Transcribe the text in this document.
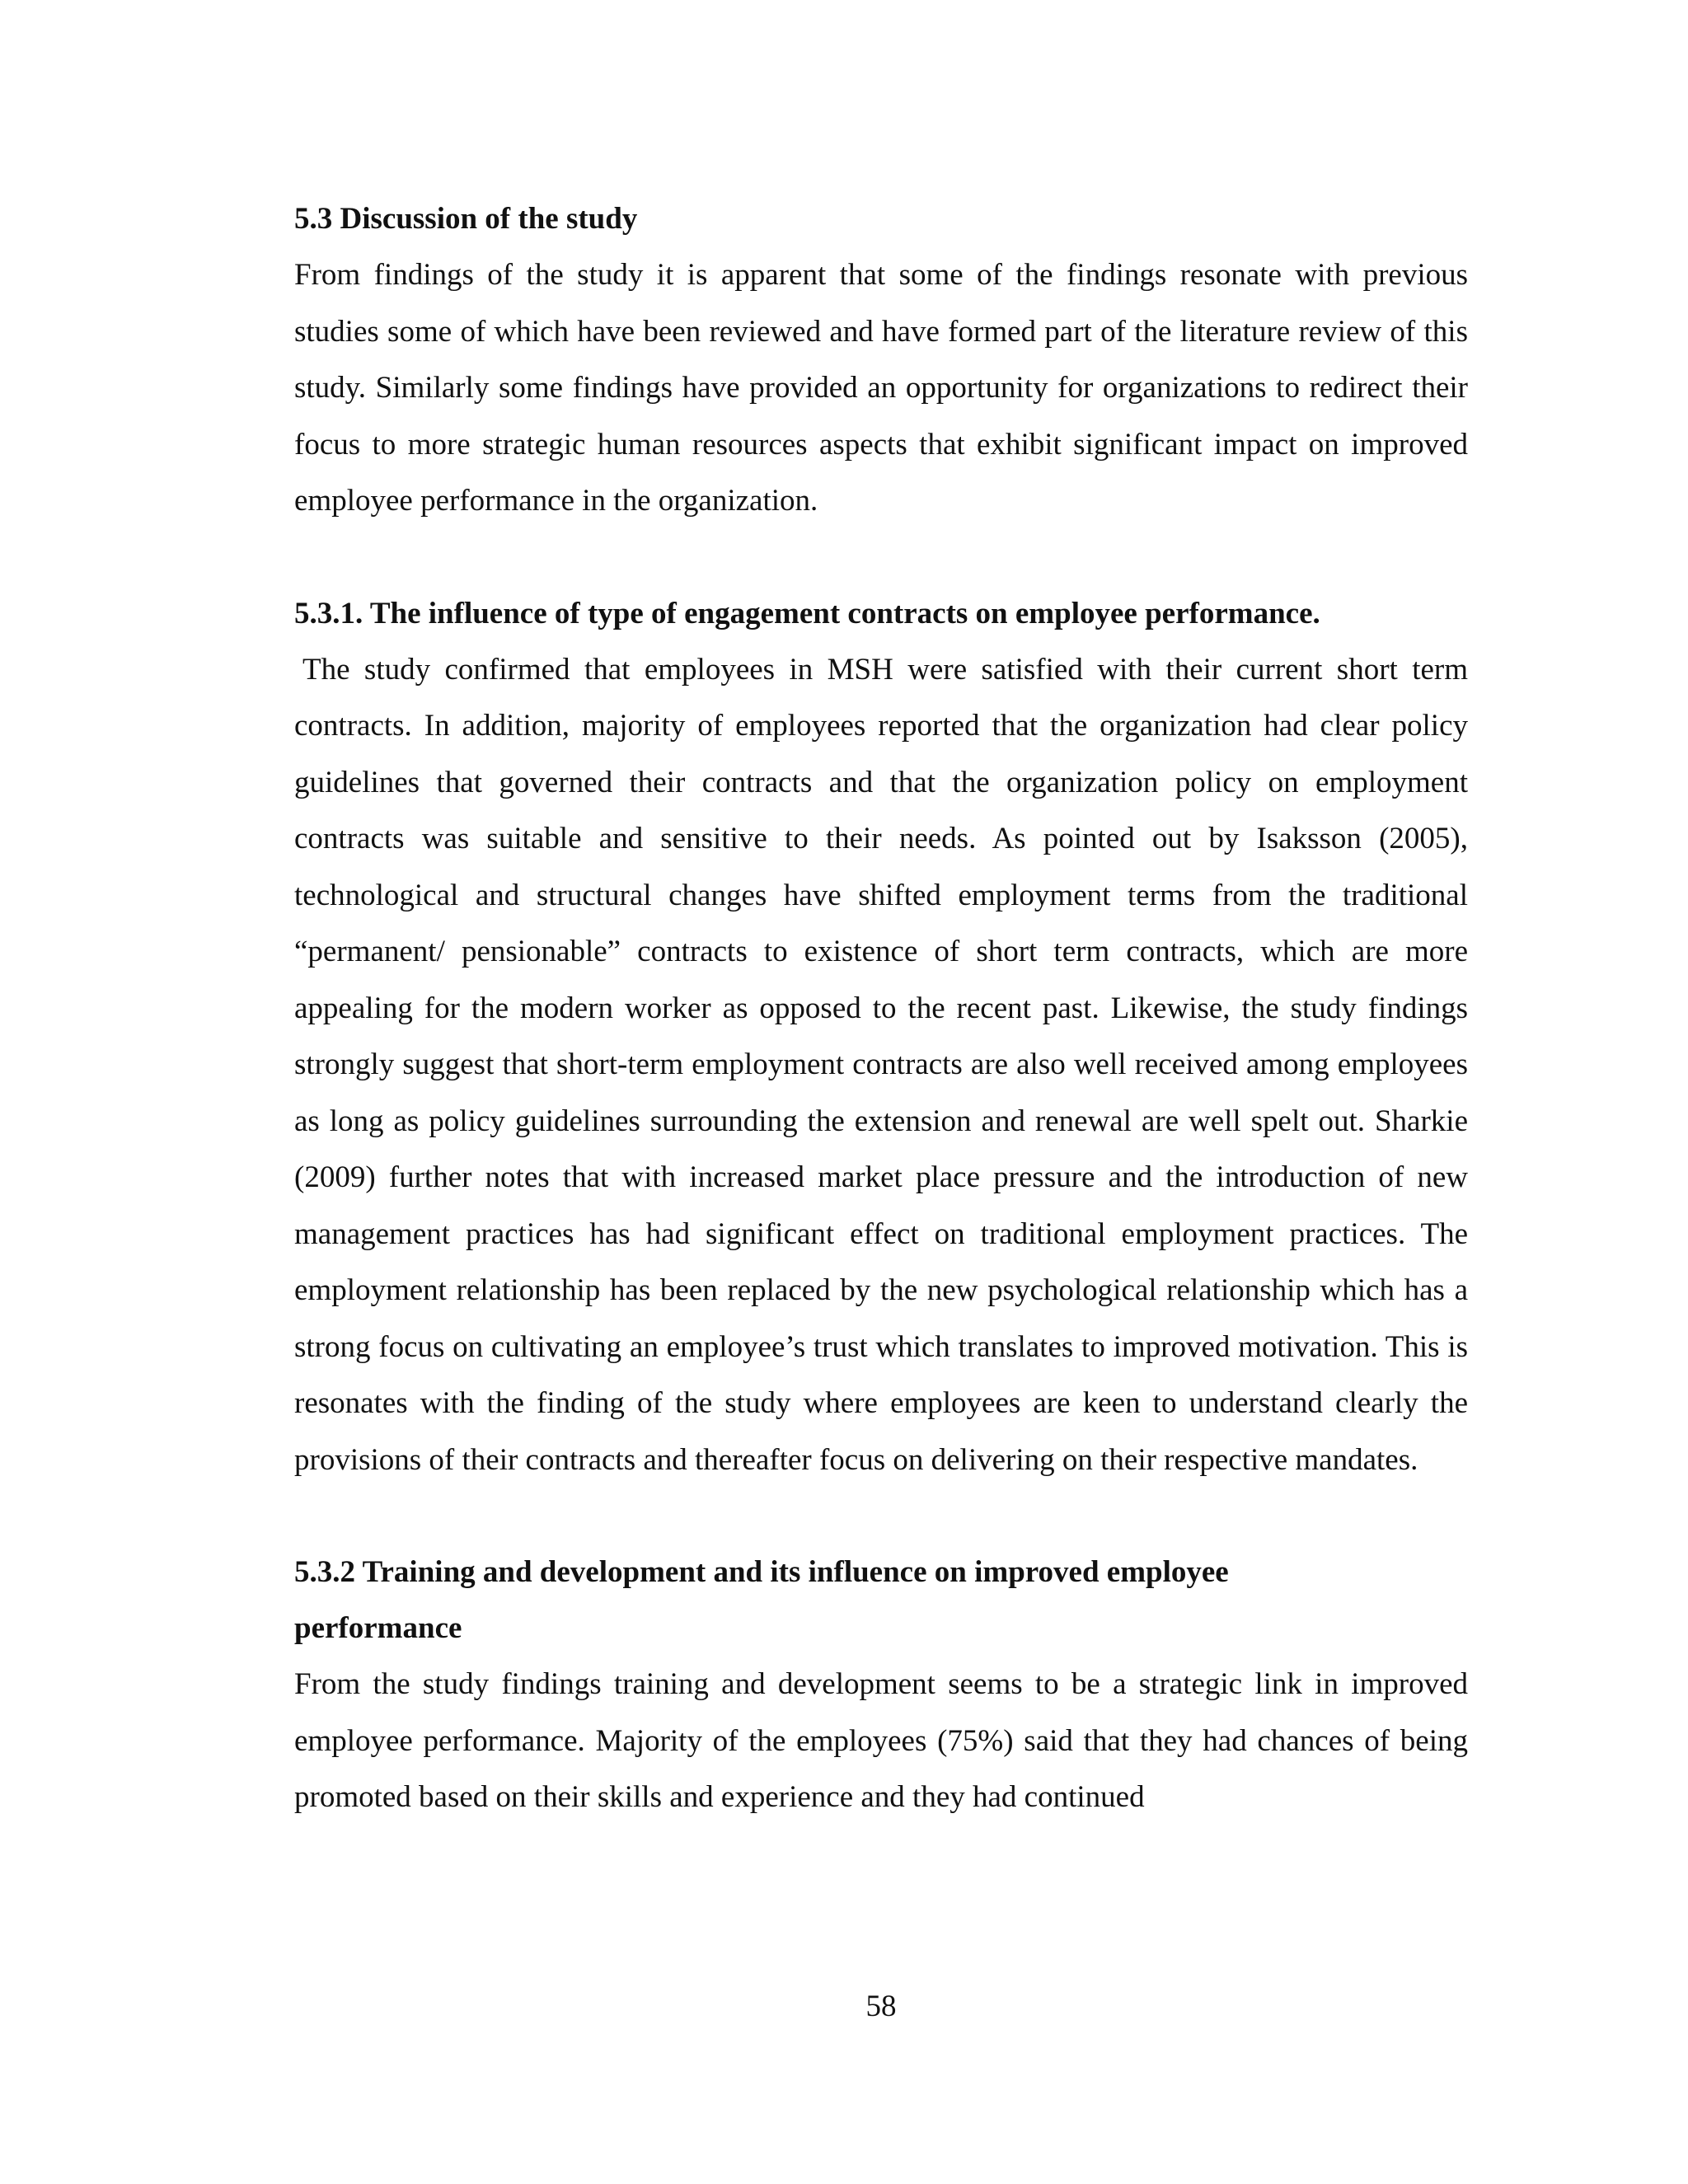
5.3 Discussion of the study

From findings of the study it is apparent that some of the findings resonate with previous studies some of which have been reviewed and have formed part of the literature review of this study. Similarly some findings have provided an opportunity for organizations to redirect their focus to more strategic human resources aspects that exhibit significant impact on improved employee performance in the organization.

5.3.1. The influence of type of engagement contracts on employee performance.

The study confirmed that employees in MSH were satisfied with their current short term contracts. In addition, majority of employees reported that the organization had clear policy guidelines that governed their contracts and that the organization policy on employment contracts was suitable and sensitive to their needs. As pointed out by Isaksson (2005), technological and structural changes have shifted employment terms from the traditional “permanent/ pensionable” contracts to existence of short term contracts, which are more appealing for the modern worker as opposed to the recent past. Likewise, the study findings strongly suggest that short-term employment contracts are also well received among employees as long as policy guidelines surrounding the extension and renewal are well spelt out. Sharkie (2009) further notes that with increased market place pressure and the introduction of new management practices has had significant effect on traditional employment practices. The employment relationship has been replaced by the new psychological relationship which has a strong focus on cultivating an employee’s trust which translates to improved motivation. This is resonates with the finding of the study where employees are keen to understand clearly the provisions of their contracts and thereafter focus on delivering on their respective mandates.

5.3.2 Training and development and its influence on improved employee

performance

From the study findings training and development seems to be a strategic link in improved employee performance. Majority of the employees (75%) said that they had chances of being promoted based on their skills and experience and they had continued

58
